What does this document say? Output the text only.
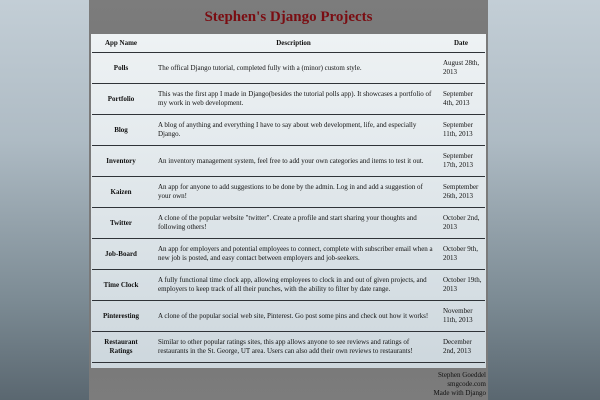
Stephen's Django Projects
App Name	Description	Date
Polls	The offical Django tutorial, completed fully with a (minor) custom style.	August 28th, 2013
Portfolio	This was the first app I made in Django(besides the tutorial polls app). It showcases a portfolio of my work in web development.	September 4th, 2013
Blog	A blog of anything and everything I have to say about web development, life, and especially Django.	September 11th, 2013
Inventory	An inventory management system, feel free to add your own categories and items to test it out.	September 17th, 2013
Kaizen	An app for anyone to add suggestions to be done by the admin. Log in and add a suggestion of your own!	Semptember 26th, 2013
Twitter	A clone of the popular website "twitter". Create a profile and start sharing your thoughts and following others!	October 2nd, 2013
Job-Board	An app for employers and potential employees to connect, complete with subscriber email when a new job is posted, and easy contact between employers and job-seekers.	October 9th, 2013
Time Clock	A fully functional time clock app, allowing employees to clock in and out of given projects, and employers to keep track of all their punches, with the ability to filter by date range.	October 19th, 2013
Pinteresting	A clone of the popular social web site, Pinterest. Go post some pins and check out how it works!	November 11th, 2013
Restaurant Ratings	Similar to other popular ratings sites, this app allows anyone to see reviews and ratings of restaurants in the St. George, UT area. Users can also add their own reviews to restaurants!	December 2nd, 2013
Stephen Goeddel
smgcode.com
Made with Django
